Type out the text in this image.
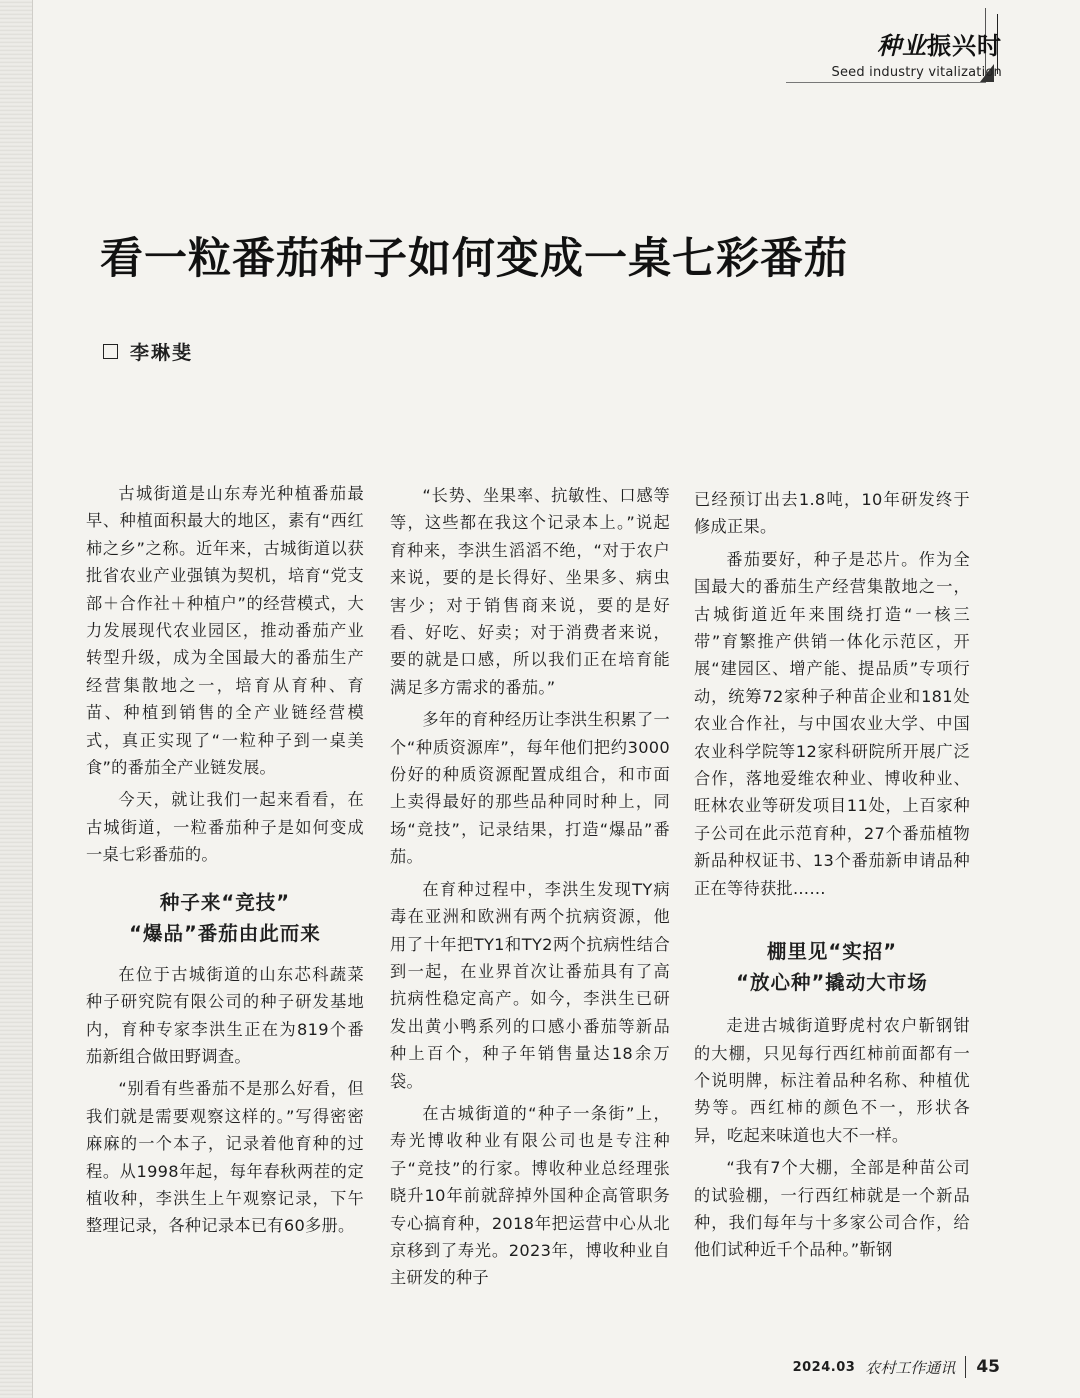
种业振兴时
Seed industry vitalization
看一粒番茄种子如何变成一桌七彩番茄
李琳斐

古城街道是山东寿光种植番茄最早、种植面积最大的地区，素有“西红柿之乡”之称。近年来，古城街道以获批省农业产业强镇为契机，培育“党支部＋合作社＋种植户”的经营模式，大力发展现代农业园区，推动番茄产业转型升级，成为全国最大的番茄生产经营集散地之一，培育从育种、育苗、种植到销售的全产业链经营模式，真正实现了“一粒种子到一桌美食”的番茄全产业链发展。

今天，就让我们一起来看看，在古城街道，一粒番茄种子是如何变成一桌七彩番茄的。

种子来“竞技”
“爆品”番茄由此而来

在位于古城街道的山东芯科蔬菜种子研究院有限公司的种子研发基地内，育种专家李洪生正在为819个番茄新组合做田野调查。

“别看有些番茄不是那么好看，但我们就是需要观察这样的。”写得密密麻麻的一个本子，记录着他育种的过程。从1998年起，每年春秋两茬的定植收种，李洪生上午观察记录，下午整理记录，各种记录本已有60多册。

“长势、坐果率、抗敏性、口感等等，这些都在我这个记录本上。”说起育种来，李洪生滔滔不绝，“对于农户来说，要的是长得好、坐果多、病虫害少；对于销售商来说，要的是好看、好吃、好卖；对于消费者来说，要的就是口感，所以我们正在培育能满足多方需求的番茄。”

多年的育种经历让李洪生积累了一个“种质资源库”，每年他们把约3000份好的种质资源配置成组合，和市面上卖得最好的那些品种同时种上，同场“竞技”，记录结果，打造“爆品”番茄。

在育种过程中，李洪生发现TY病毒在亚洲和欧洲有两个抗病资源，他用了十年把TY1和TY2两个抗病性结合到一起，在业界首次让番茄具有了高抗病性稳定高产。如今，李洪生已研发出黄小鸭系列的口感小番茄等新品种上百个，种子年销售量达18余万袋。

在古城街道的“种子一条街”上，寿光博收种业有限公司也是专注种子“竞技”的行家。博收种业总经理张晓升10年前就辞掉外国种企高管职务专心搞育种，2018年把运营中心从北京移到了寿光。2023年，博收种业自主研发的种子

已经预订出去1.8吨，10年研发终于修成正果。

番茄要好，种子是芯片。作为全国最大的番茄生产经营集散地之一，古城街道近年来围绕打造“一核三带”育繁推产供销一体化示范区，开展“建园区、增产能、提品质”专项行动，统筹72家种子种苗企业和181处农业合作社，与中国农业大学、中国农业科学院等12家科研院所开展广泛合作，落地爱维农种业、博收种业、旺林农业等研发项目11处，上百家种子公司在此示范育种，27个番茄植物新品种权证书、13个番茄新申请品种正在等待获批……

棚里见“实招”
“放心种”撬动大市场

走进古城街道野虎村农户靳钢钳的大棚，只见每行西红柿前面都有一个说明牌，标注着品种名称、种植优势等。西红柿的颜色不一，形状各异，吃起来味道也大不一样。

“我有7个大棚，全部是种苗公司的试验棚，一行西红柿就是一个新品种，我们每年与十多家公司合作，给他们试种近千个品种。”靳钢

2024.03 农村工作通讯 45
